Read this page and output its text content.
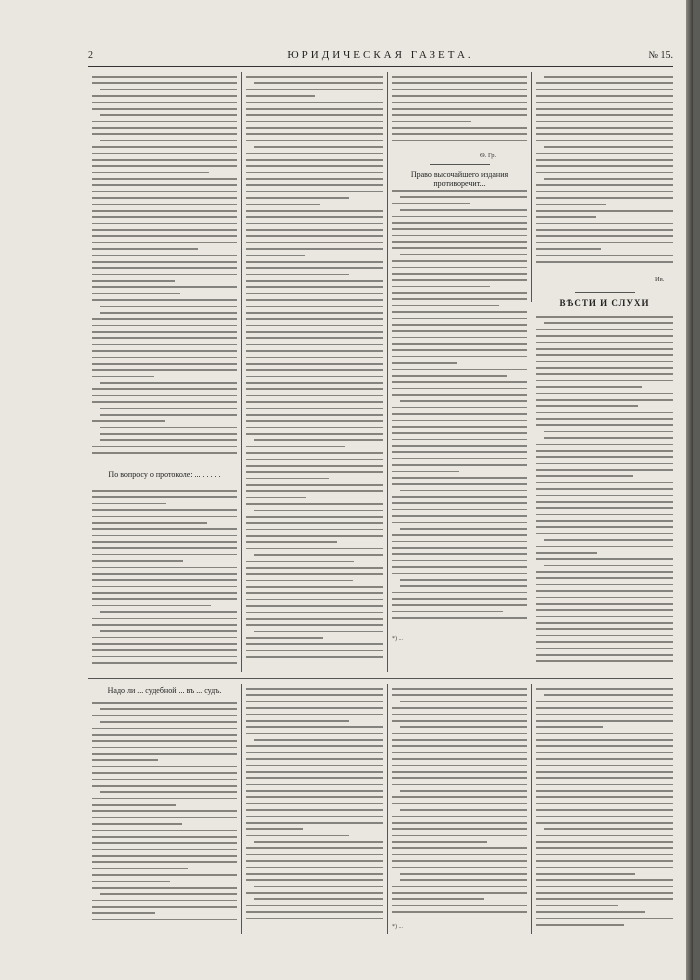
2	ЮРИДИЧЕСКАЯ ГАЗЕТА.	№ 15.
По вопросу о протоколе: ... . . . . .
Ѳ. Гр.
Право высочайшего издания противоречит...
*) ...
Ив.
ВѢСТИ И СЛУХИ
Надо ли ... судебной ... въ ... судъ.
*) ...
